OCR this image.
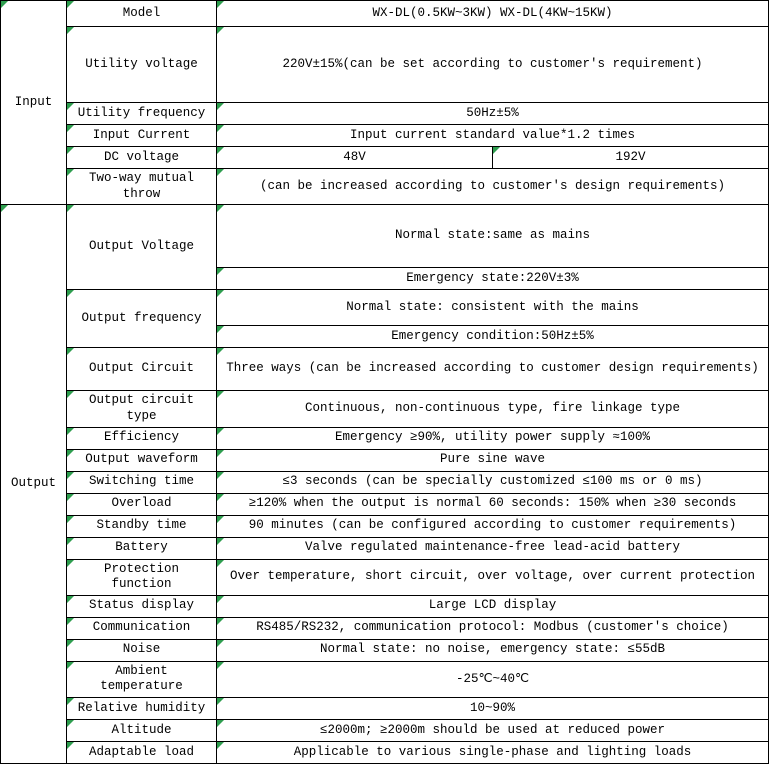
Input	Model	WX-DL(0.5KW~3KW) WX-DL(4KW~15KW)	
	Utility voltage	220V±15%(can be set according to customer's requirement)	
	Utility frequency	50Hz±5%	
	Input Current	Input current standard value*1.2 times	
	DC voltage	48V	192V
	Two-way mutual throw	(can be increased according to customer's design requirements)	
Output	Output Voltage	Normal state:same as mains	
		Emergency state:220V±3%	
	Output frequency	Normal state: consistent with the mains	
		Emergency condition:50Hz±5%	
	Output Circuit	Three ways (can be increased according to customer design requirements)	
	Output circuit type	Continuous, non-continuous type, fire linkage type	
	Efficiency	Emergency ≥90%, utility power supply ≈100%	
	Output waveform	Pure sine wave	
	Switching time	≤3 seconds (can be specially customized ≤100 ms or 0 ms)	
	Overload	≥120% when the output is normal 60 seconds: 150% when ≥30 seconds	
	Standby time	90 minutes (can be configured according to customer requirements)	
	Battery	Valve regulated maintenance-free lead-acid battery	
	Protection function	Over temperature, short circuit, over voltage, over current protection	
	Status display	Large LCD display	
	Communication	RS485/RS232, communication protocol: Modbus (customer's choice)	
	Noise	Normal state: no noise, emergency state: ≤55dB	
	Ambient temperature	-25℃~40℃	
	Relative humidity	10~90%	
	Altitude	≤2000m; ≥2000m should be used at reduced power	
	Adaptable load	Applicable to various single-phase and lighting loads	
